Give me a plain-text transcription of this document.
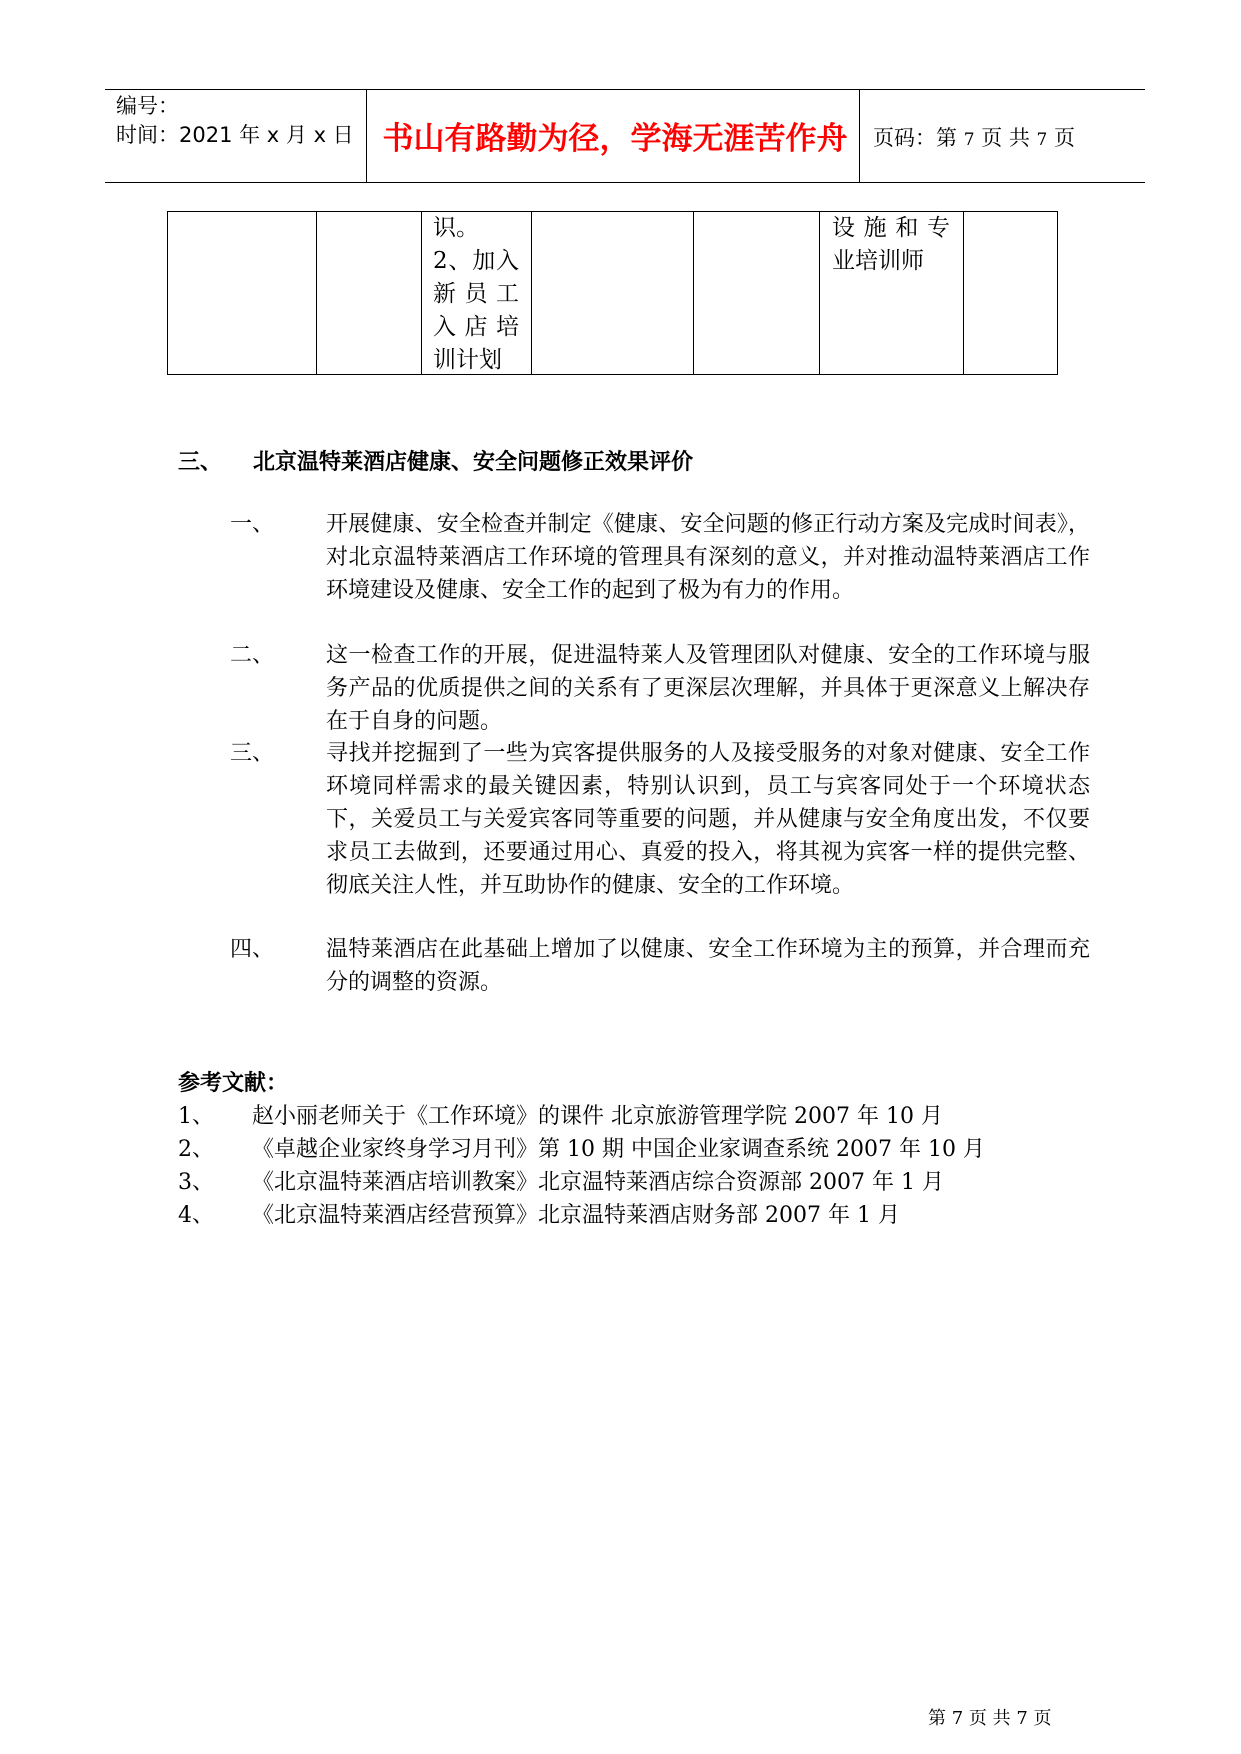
编号：
时间：2021 年 x 月 x 日 书山有路勤为径，学海无涯苦作舟	页码：第 7 页 共 7 页
识。
2、加入
新员工
入店培
训计划
设施和专
业培训师
三、 北京温特莱酒店健康、安全问题修正效果评价
一、 开展健康、安全检查并制定《健康、安全问题的修正行动方案及完成时间表》，对北京温特莱酒店工作环境的管理具有深刻的意义，并对推动温特莱酒店工作环境建设及健康、安全工作的起到了极为有力的作用。
二、 这一检查工作的开展，促进温特莱人及管理团队对健康、安全的工作环境与服务产品的优质提供之间的关系有了更深层次理解，并具体于更深意义上解决存在于自身的问题。
三、 寻找并挖掘到了一些为宾客提供服务的人及接受服务的对象对健康、安全工作环境同样需求的最关键因素，特别认识到，员工与宾客同处于一个环境状态下，关爱员工与关爱宾客同等重要的问题，并从健康与安全角度出发，不仅要求员工去做到，还要通过用心、真爱的投入，将其视为宾客一样的提供完整、彻底关注人性，并互助协作的健康、安全的工作环境。
四、 温特莱酒店在此基础上增加了以健康、安全工作环境为主的预算，并合理而充分的调整的资源。
参考文献：
1、 赵小丽老师关于《工作环境》的课件 北京旅游管理学院 2007 年 10 月
2、 《卓越企业家终身学习月刊》第 10 期 中国企业家调查系统 2007 年 10 月
3、 《北京温特莱酒店培训教案》北京温特莱酒店综合资源部 2007 年 1 月
4、 《北京温特莱酒店经营预算》北京温特莱酒店财务部 2007 年 1 月
第 7 页 共 7 页
